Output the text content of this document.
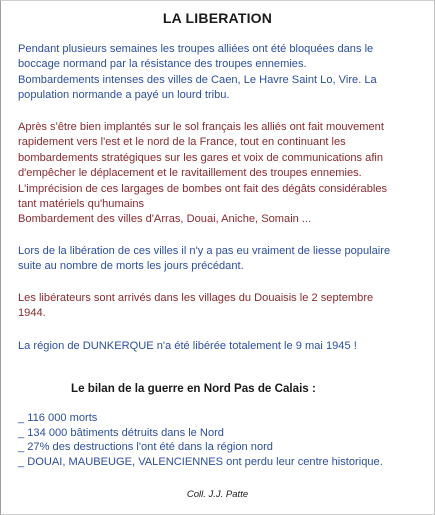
LA LIBERATION

Pendant plusieurs semaines les troupes alliées ont été bloquées dans le
boccage normand par la résistance des troupes ennemies.
Bombardements intenses des villes de Caen, Le Havre Saint Lo, Vire. La
population normande a payé un lourd tribu.

Après s'être bien implantés sur le sol français les alliés ont fait mouvement
rapidement vers l'est et le nord de la France, tout en continuant les
bombardements stratégiques sur les gares et voix de communications afin
d'empêcher le déplacement et le ravitaillement des troupes ennemies.
L'imprécision de ces largages de bombes ont fait des dégâts considérables
tant matériels qu'humains
Bombardement des villes d'Arras, Douai, Aniche, Somain ...

Lors de la libération de ces villes il n'y a pas eu vraiment de liesse populaire
suite au nombre de morts les jours précédant.

Les libérateurs sont arrivés dans les villages du Douaisis le 2 septembre
1944.

La région de DUNKERQUE n'a été libérée totalement le 9 mai 1945 !

Le bilan de la guerre en Nord Pas de Calais :
_ 116 000 morts
_ 134 000 bâtiments détruits dans le Nord
_ 27% des destructions l'ont été dans la région nord
_ DOUAI, MAUBEUGE, VALENCIENNES ont perdu leur centre historique.
Coll. J.J. Patte
